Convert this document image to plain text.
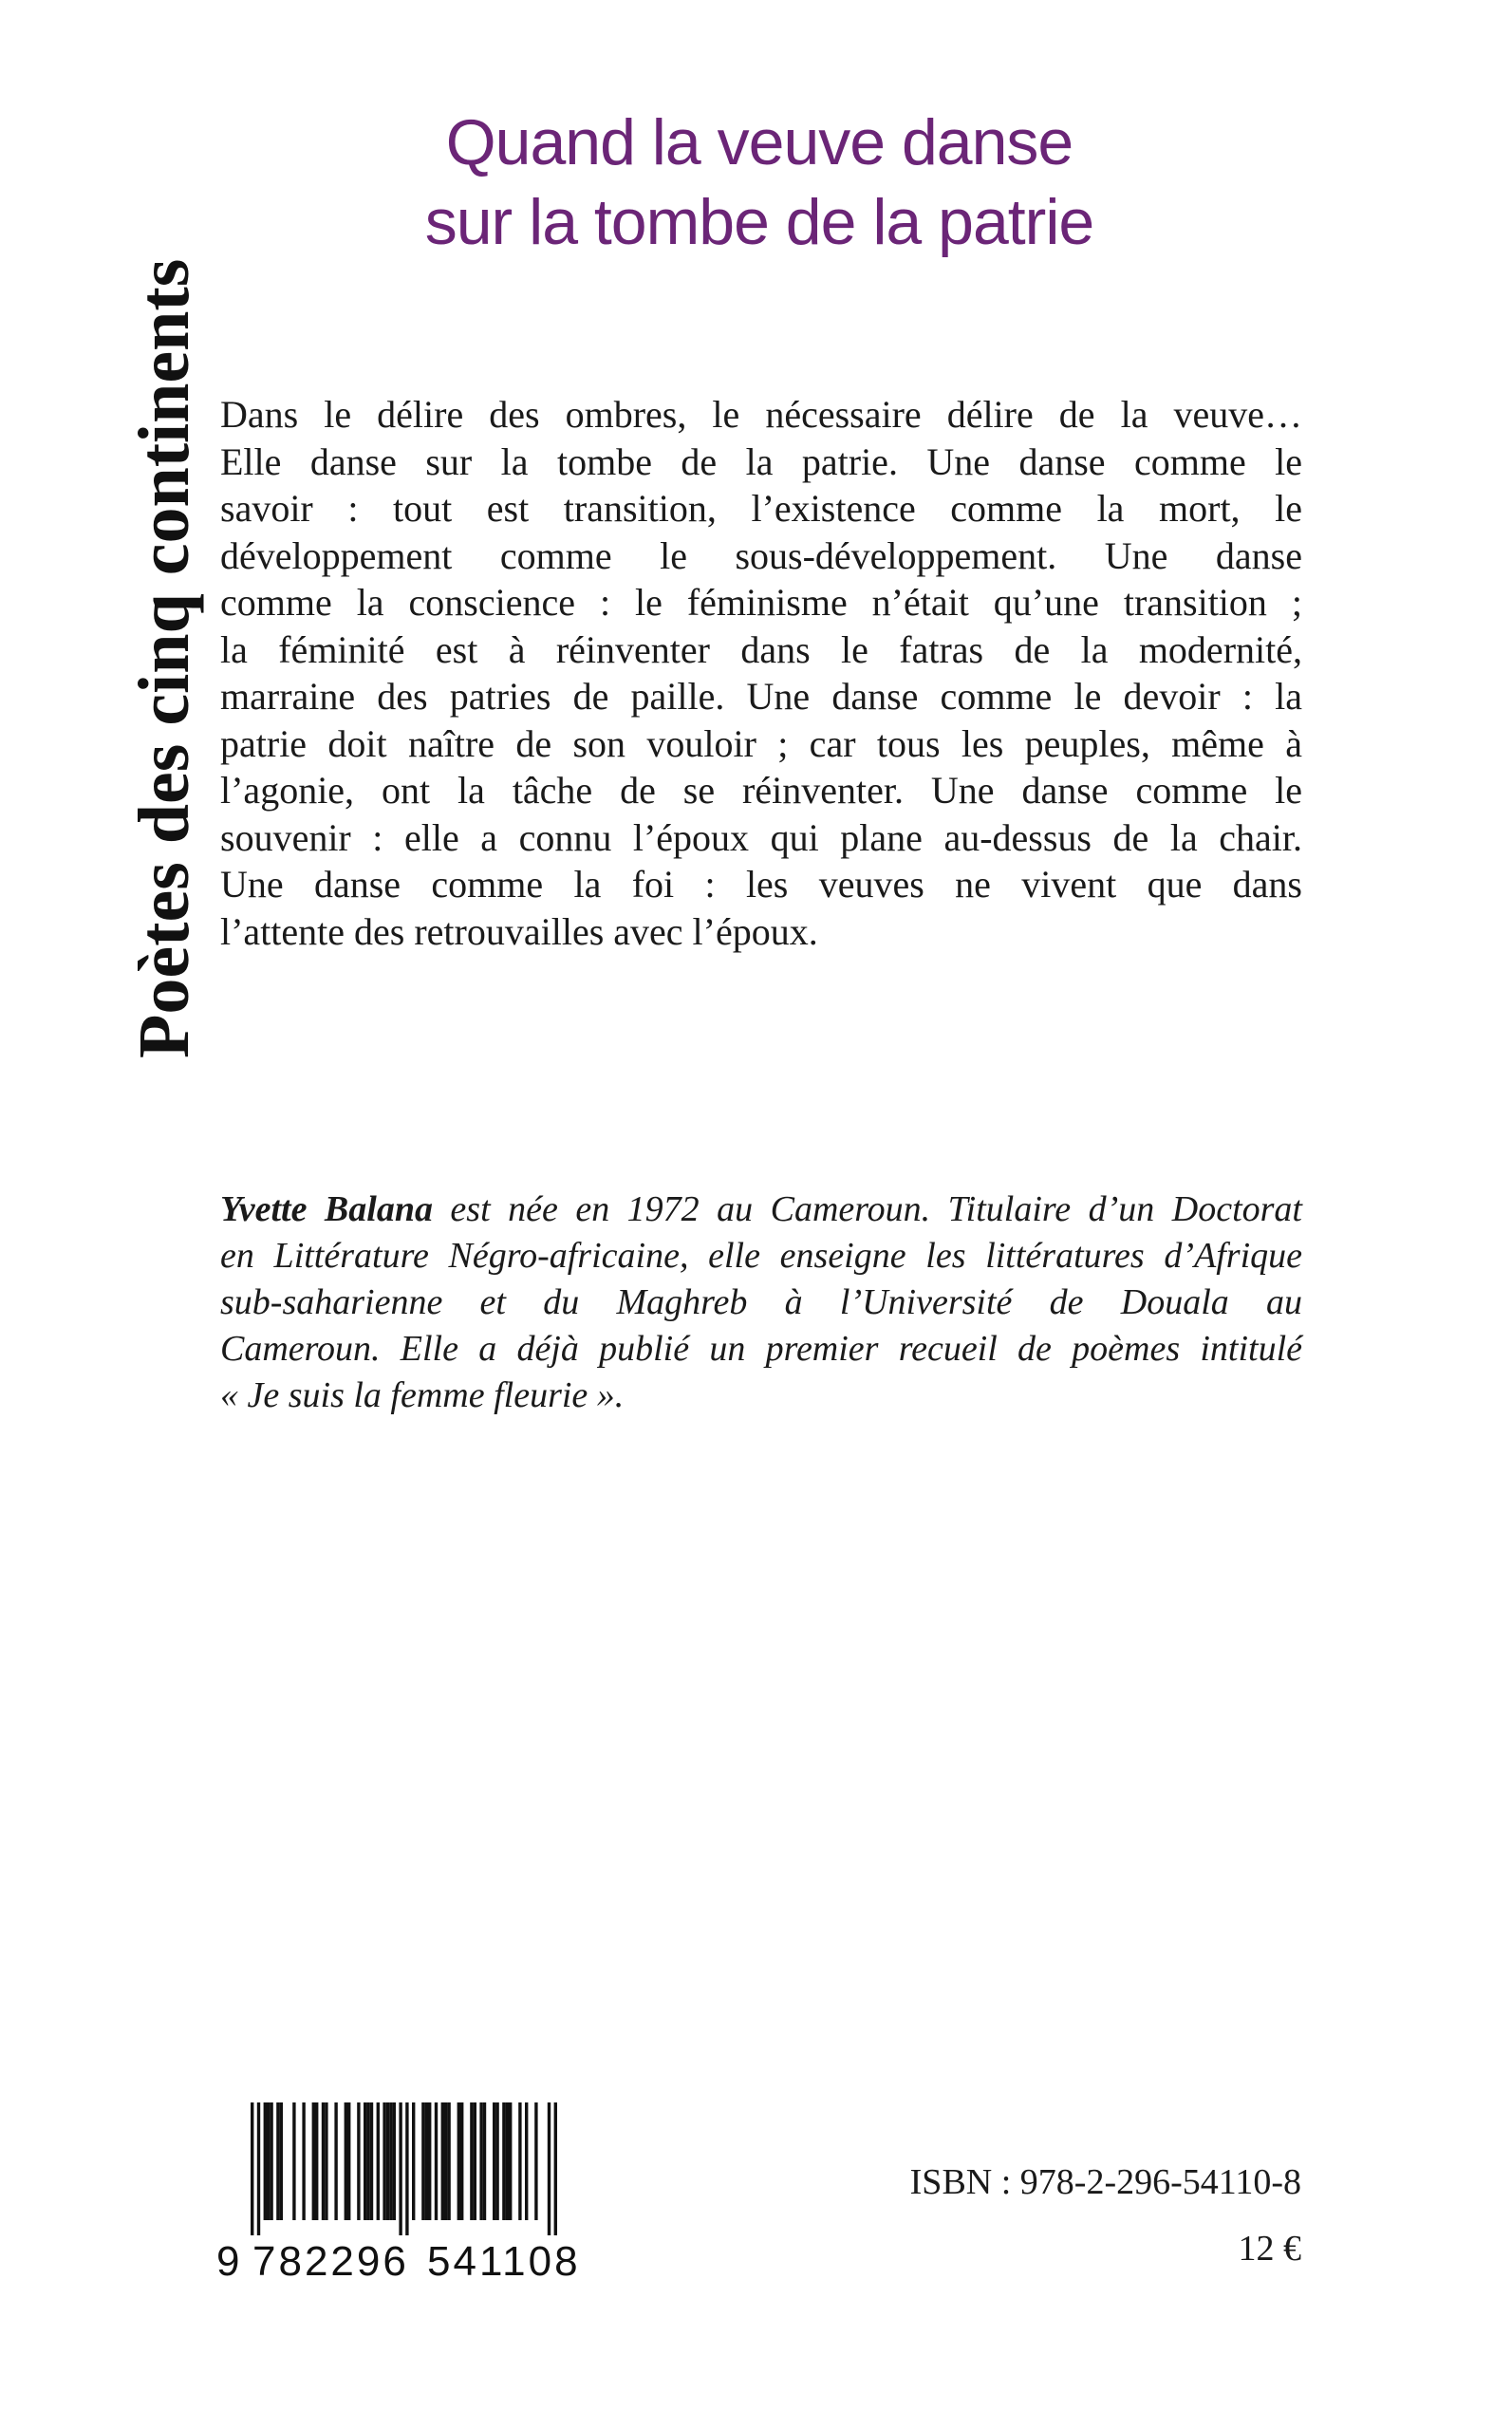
Poètes des cinq continents
Quand la veuve danse
sur la tombe de la patrie
Dans le délire des ombres, le nécessaire délire de la veuve…
Elle danse sur la tombe de la patrie. Une danse comme le
savoir : tout est transition, l’existence comme la mort, le
développement comme le sous-développement. Une danse
comme la conscience : le féminisme n’était qu’une transition ;
la féminité est à réinventer dans le fatras de la modernité,
marraine des patries de paille. Une danse comme le devoir : la
patrie doit naître de son vouloir ; car tous les peuples, même à
l’agonie, ont la tâche de se réinventer. Une danse comme le
souvenir : elle a connu l’époux qui plane au-dessus de la chair.
Une danse comme la foi : les veuves ne vivent que dans
l’attente des retrouvailles avec l’époux.
Yvette Balana est née en 1972 au Cameroun. Titulaire d’un Doctorat
en Littérature Négro-africaine, elle enseigne les littératures d’Afrique
sub-saharienne et du Maghreb à l’Université de Douala au
Cameroun. Elle a déjà publié un premier recueil de poèmes intitulé
« Je suis la femme fleurie ».
9 782296 541108
ISBN : 978-2-296-54110-8
12 €
